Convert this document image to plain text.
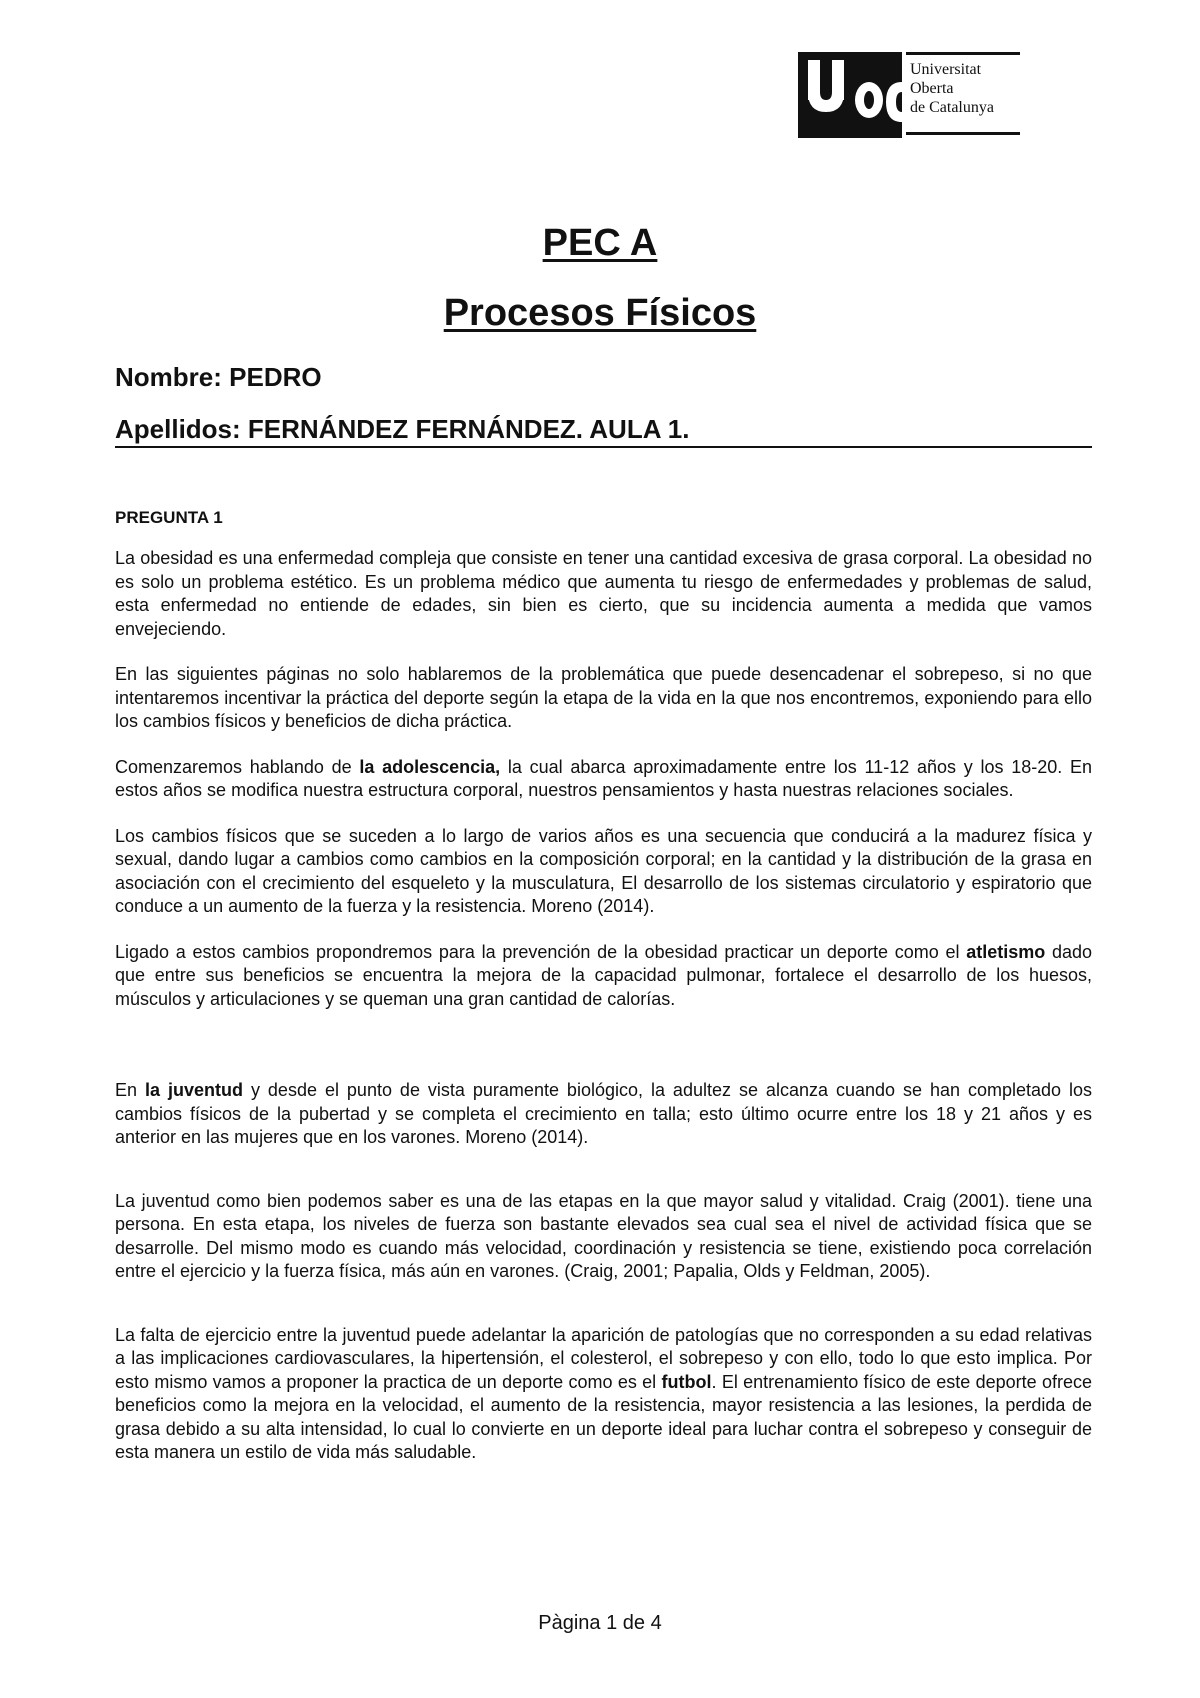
Universitat
Oberta
de Catalunya
PEC A
Procesos Físicos

Nombre: PEDRO

Apellidos: FERNÁNDEZ FERNÁNDEZ. AULA 1.

PREGUNTA 1

La obesidad es una enfermedad compleja que consiste en tener una cantidad excesiva de grasa corporal. La obesidad no es solo un problema estético. Es un problema médico que aumenta tu riesgo de enfermedades y problemas de salud, esta enfermedad no entiende de edades, sin bien es cierto, que su incidencia aumenta a medida que vamos envejeciendo.

En las siguientes páginas no solo hablaremos de la problemática que puede desencadenar el sobrepeso, si no que intentaremos incentivar la práctica del deporte según la etapa de la vida en la que nos encontremos, exponiendo para ello los cambios físicos y beneficios de dicha práctica.

Comenzaremos hablando de la adolescencia, la cual abarca aproximadamente entre los 11-12 años y los 18-20. En estos años se modifica nuestra estructura corporal, nuestros pensamientos y hasta nuestras relaciones sociales.

Los cambios físicos que se suceden a lo largo de varios años es una secuencia que conducirá a la madurez física y sexual, dando lugar a cambios como cambios en la composición corporal; en la cantidad y la distribución de la grasa en asociación con el crecimiento del esqueleto y la musculatura, El desarrollo de los sistemas circulatorio y espiratorio que conduce a un aumento de la fuerza y la resistencia. Moreno (2014).

Ligado a estos cambios propondremos para la prevención de la obesidad practicar un deporte como el atletismo dado que entre sus beneficios se encuentra la mejora de la capacidad pulmonar, fortalece el desarrollo de los huesos, músculos y articulaciones y se queman una gran cantidad de calorías.

En la juventud y desde el punto de vista puramente biológico, la adultez se alcanza cuando se han completado los cambios físicos de la pubertad y se completa el crecimiento en talla; esto último ocurre entre los 18 y 21 años y es anterior en las mujeres que en los varones. Moreno (2014).

La juventud como bien podemos saber es una de las etapas en la que mayor salud y vitalidad. Craig (2001). tiene una persona. En esta etapa, los niveles de fuerza son bastante elevados sea cual sea el nivel de actividad física que se desarrolle. Del mismo modo es cuando más velocidad, coordinación y resistencia se tiene, existiendo poca correlación entre el ejercicio y la fuerza física, más aún en varones. (Craig, 2001; Papalia, Olds y Feldman, 2005).

La falta de ejercicio entre la juventud puede adelantar la aparición de patologías que no corresponden a su edad relativas a las implicaciones cardiovasculares, la hipertensión, el colesterol, el sobrepeso y con ello, todo lo que esto implica. Por esto mismo vamos a proponer la practica de un deporte como es el futbol. El entrenamiento físico de este deporte ofrece beneficios como la mejora en la velocidad, el aumento de la resistencia, mayor resistencia a las lesiones, la perdida de grasa debido a su alta intensidad, lo cual lo convierte en un deporte ideal para luchar contra el sobrepeso y conseguir de esta manera un estilo de vida más saludable.

Pàgina 1 de 4
